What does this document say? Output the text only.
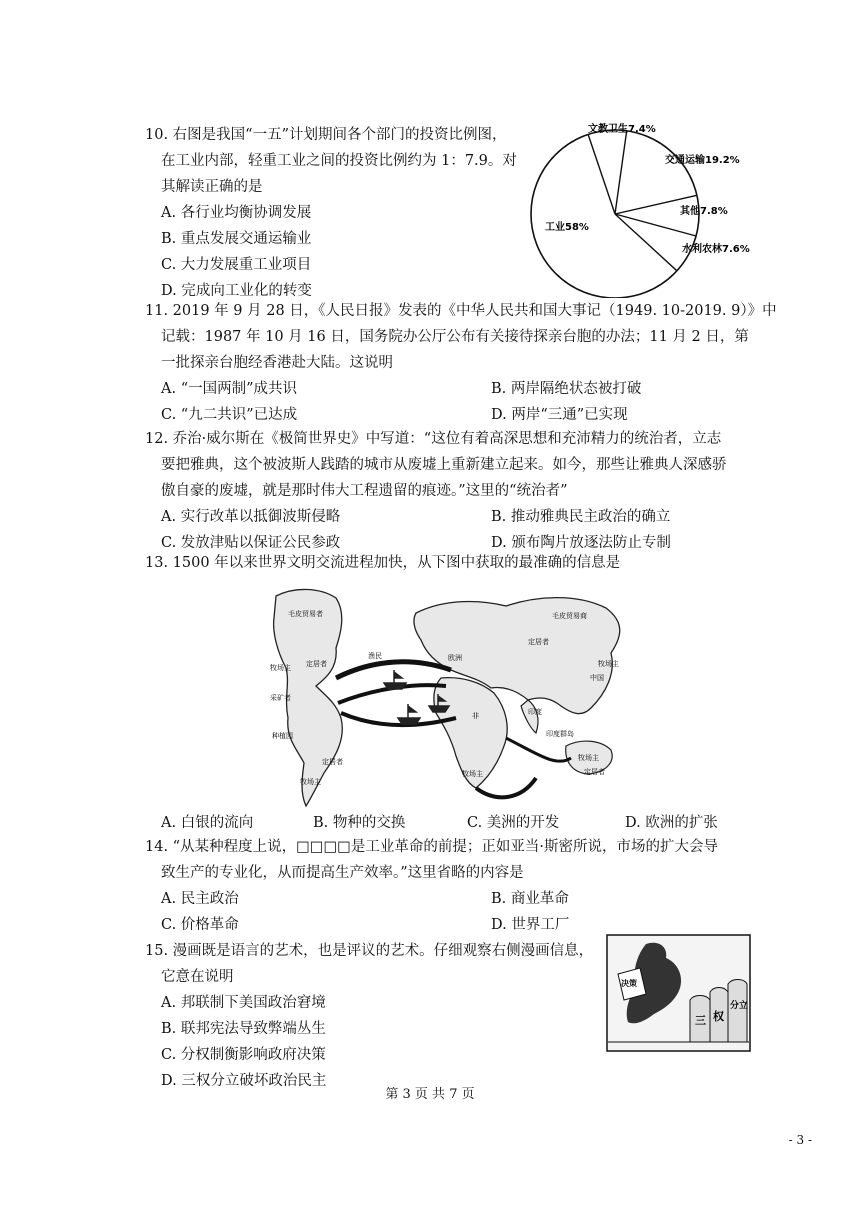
10. 右图是我国“一五”计划期间各个部门的投资比例图，
在工业内部，轻重工业之间的投资比例约为 1：7.9。对
其解读正确的是
A. 各行业均衡协调发展
B. 重点发展交通运输业
C. 大力发展重工业项目
D. 完成向工业化的转变
工业58%
文教卫生7.4%
交通运输19.2%
其他7.8%
水利农林7.6%
11. 2019 年 9 月 28 日，《人民日报》发表的《中华人民共和国大事记（1949. 10-2019. 9）》中
记载：1987 年 10 月 16 日，国务院办公厅公布有关接待探亲台胞的办法；11 月 2 日，第
一批探亲台胞经香港赴大陆。这说明
A. “一国两制”成共识	B. 两岸隔绝状态被打破
C. “九二共识”已达成	D. 两岸“三通”已实现
12. 乔治·威尔斯在《极简世界史》中写道：“这位有着高深思想和充沛精力的统治者，立志
要把雅典，这个被波斯人践踏的城市从废墟上重新建立起来。如今，那些让雅典人深感骄
傲自豪的废墟，就是那时伟大工程遗留的痕迹。”这里的“统治者”
A. 实行改革以抵御波斯侵略	B. 推动雅典民主政治的确立
C. 发放津贴以保证公民参政	D. 颁布陶片放逐法防止专制
13. 1500 年以来世界文明交流进程加快，从下图中获取的最准确的信息是
毛皮贸易者
定居者
牧场主
采矿者
渔民	欧洲
非
种植园
定居者
牧场主
毛皮贸易商
定居者
牧场主
中国
印度
印度群岛
牧场主
牧场主
定居者
A. 白银的流向	B. 物种的交换	C. 美洲的开发	D. 欧洲的扩张
14. “从某种程度上说，□□□□是工业革命的前提；正如亚当·斯密所说，市场的扩大会导
致生产的专业化，从而提高生产效率。”这里省略的内容是
A. 民主政治	B. 商业革命
C. 价格革命	D. 世界工厂
15. 漫画既是语言的艺术，也是评议的艺术。仔细观察右侧漫画信息，
它意在说明
A. 邦联制下美国政治窘境
B. 联邦宪法导致弊端丛生
C. 分权制衡影响政府决策
D. 三权分立破坏政治民主
决策
三 权
分立
第 3 页 共 7 页
- 3 -
